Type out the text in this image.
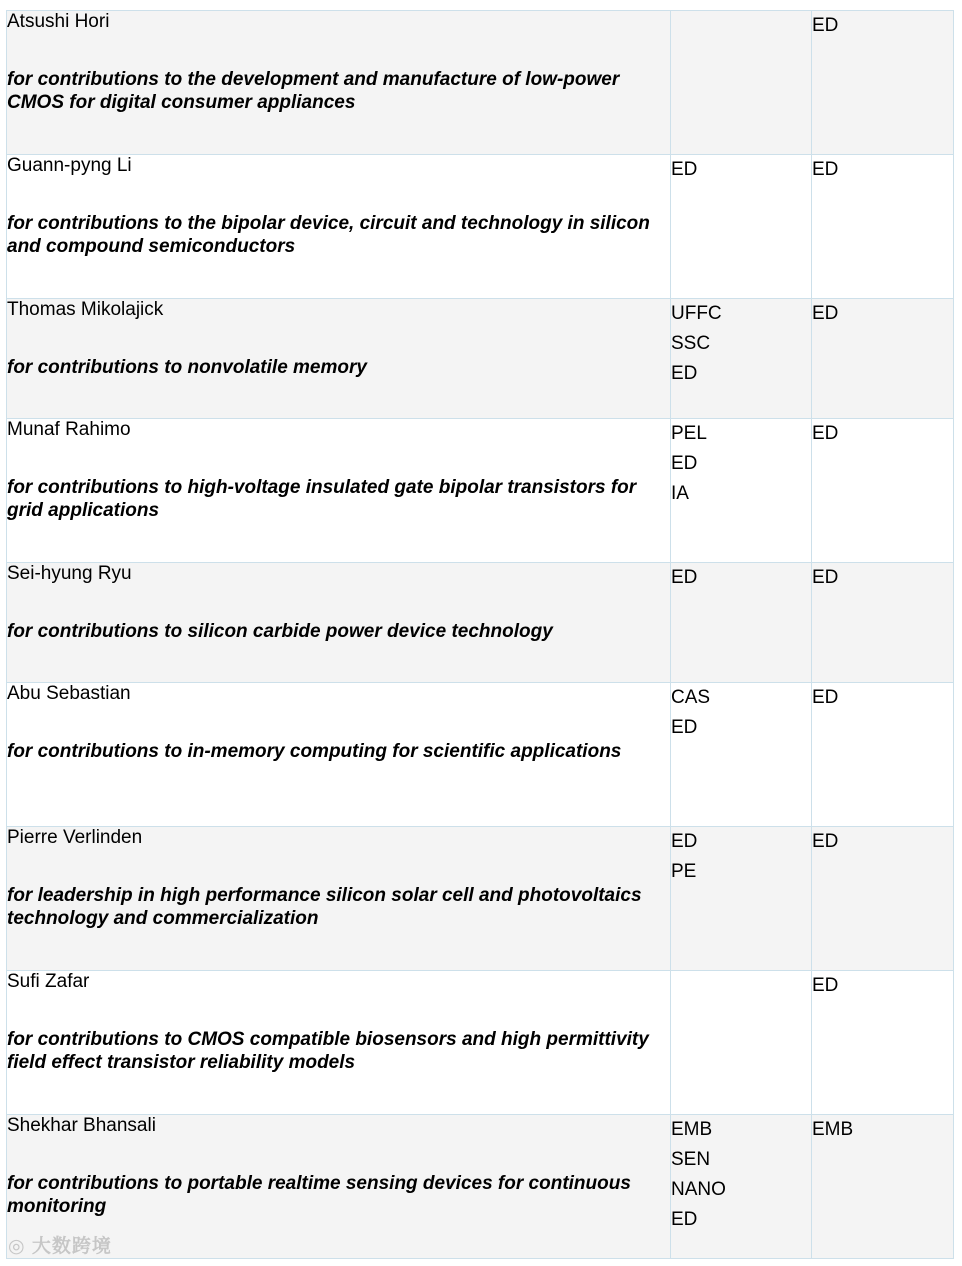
Atsushi Hori
for contributions to the development and manufacture of low-power CMOS for digital consumer appliances		ED

Guann-pyng Li
for contributions to the bipolar device, circuit and technology in silicon and compound semiconductors	ED	ED

Thomas Mikolajick
for contributions to nonvolatile memory	UFFC
SSC
ED	ED

Munaf Rahimo
for contributions to high-voltage insulated gate bipolar transistors for grid applications	PEL
ED
IA	ED

Sei-hyung Ryu
for contributions to silicon carbide power device technology	ED	ED

Abu Sebastian
for contributions to in-memory computing for scientific applications	CAS
ED	ED

Pierre Verlinden
for leadership in high performance silicon solar cell and photovoltaics technology and commercialization	ED
PE	ED

Sufi Zafar
for contributions to CMOS compatible biosensors and high permittivity field effect transistor reliability models		ED

Shekhar Bhansali
for contributions to portable realtime sensing devices for continuous monitoring	EMB
SEN
NANO
ED	EMB
◎ 大数跨境
